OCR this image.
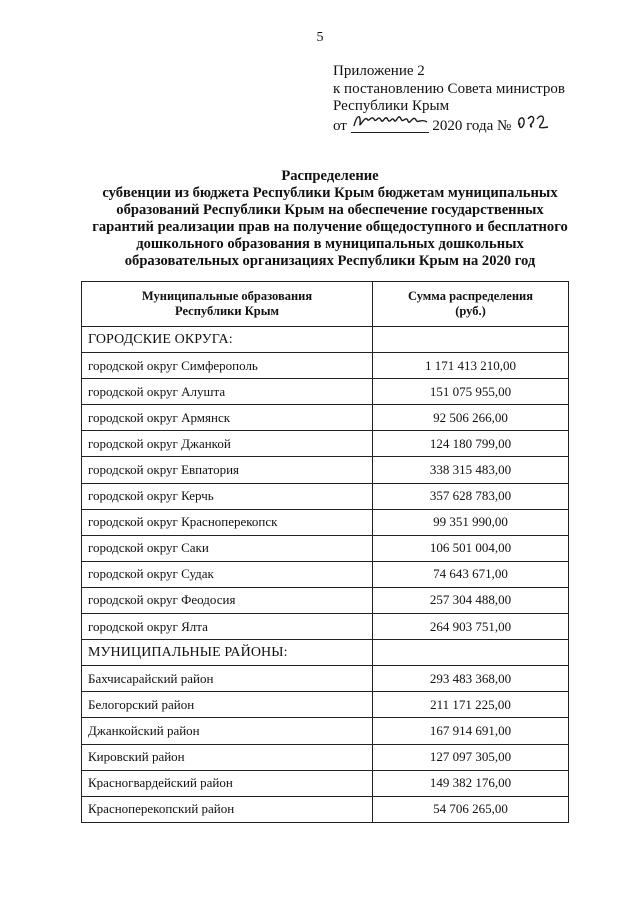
5
Приложение 2
к постановлению Совета министров
Республики Крым
от	2020 года №
Распределение
субвенции из бюджета Республики Крым бюджетам муниципальных
образований Республики Крым на обеспечение государственных
гарантий реализации прав на получение общедоступного и бесплатного
дошкольного образования в муниципальных дошкольных
образовательных организациях Республики Крым на 2020 год
Муниципальные образования
Республики Крым	Сумма распределения
(руб.)
ГОРОДСКИЕ ОКРУГА:	
городской округ Симферополь	1 171 413 210,00
городской округ Алушта	151 075 955,00
городской округ Армянск	92 506 266,00
городской округ Джанкой	124 180 799,00
городской округ Евпатория	338 315 483,00
городской округ Керчь	357 628 783,00
городской округ Красноперекопск	99 351 990,00
городской округ Саки	106 501 004,00
городской округ Судак	74 643 671,00
городской округ Феодосия	257 304 488,00
городской округ Ялта	264 903 751,00
МУНИЦИПАЛЬНЫЕ РАЙОНЫ:	
Бахчисарайский район	293 483 368,00
Белогорский район	211 171 225,00
Джанкойский район	167 914 691,00
Кировский район	127 097 305,00
Красногвардейский район	149 382 176,00
Красноперекопский район	54 706 265,00
